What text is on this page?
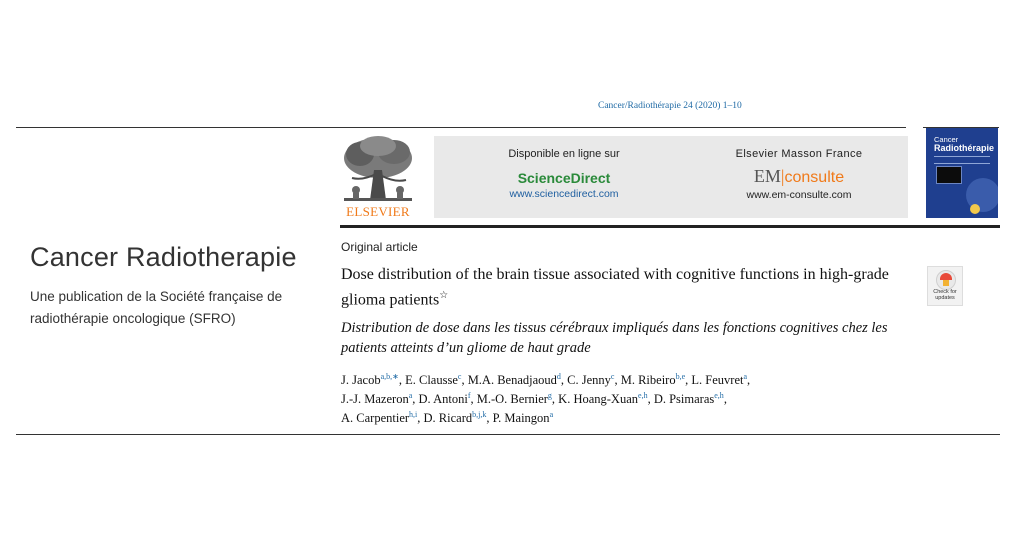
Cancer/Radiothérapie 24 (2020) 1–10
ELSEVIER
Disponible en ligne sur
ScienceDirect
www.sciencedirect.com
Elsevier Masson France
EM|consulte
www.em-consulte.com
Cancer
Radiothérapie
Cancer Radiotherapie
Une publication de la Société française de radiothérapie oncologique (SFRO)
Original article
Dose distribution of the brain tissue associated with cognitive functions in high-grade glioma patients☆
Distribution de dose dans les tissus cérébraux impliqués dans les fonctions cognitives chez les patients atteints d’un gliome de haut grade
J. Jacob$^{a,b,∗}$, E. Clausse$^c$, M.A. Benadjaoud$^d$, C. Jenny$^c$, M. Ribeiro$^{b,e}$, L. Feuvret$^a$,
J.-J. Mazeron$^a$, D. Antoni$^f$, M.-O. Bernier$^g$, K. Hoang-Xuan$^{e,h}$, D. Psimaras$^{e,h}$,
A. Carpentier$^{h,i}$, D. Ricard$^{b,j,k}$, P. Maingon$^a$
Check for
updates
